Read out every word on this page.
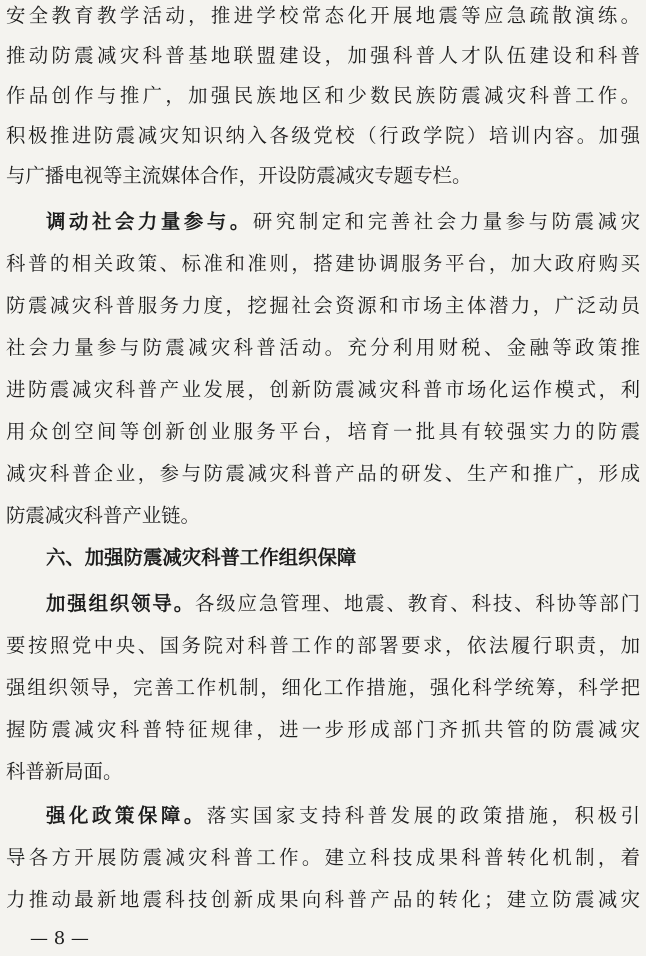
安全教育教学活动，推进学校常态化开展地震等应急疏散演练。
推动防震减灾科普基地联盟建设，加强科普人才队伍建设和科普
作品创作与推广，加强民族地区和少数民族防震减灾科普工作。
积极推进防震减灾知识纳入各级党校（行政学院）培训内容。加强
与广播电视等主流媒体合作，开设防震减灾专题专栏。
调动社会力量参与。研究制定和完善社会力量参与防震减灾
科普的相关政策、标准和准则，搭建协调服务平台，加大政府购买
防震减灾科普服务力度，挖掘社会资源和市场主体潜力，广泛动员
社会力量参与防震减灾科普活动。充分利用财税、金融等政策推
进防震减灾科普产业发展，创新防震减灾科普市场化运作模式，利
用众创空间等创新创业服务平台，培育一批具有较强实力的防震
减灾科普企业，参与防震减灾科普产品的研发、生产和推广，形成
防震减灾科普产业链。
六、加强防震减灾科普工作组织保障
加强组织领导。各级应急管理、地震、教育、科技、科协等部门
要按照党中央、国务院对科普工作的部署要求，依法履行职责，加
强组织领导，完善工作机制，细化工作措施，强化科学统筹，科学把
握防震减灾科普特征规律，进一步形成部门齐抓共管的防震减灾
科普新局面。
强化政策保障。落实国家支持科普发展的政策措施，积极引
导各方开展防震减灾科普工作。建立科技成果科普转化机制，着
力推动最新地震科技创新成果向科普产品的转化；建立防震减灾
— 8 —
